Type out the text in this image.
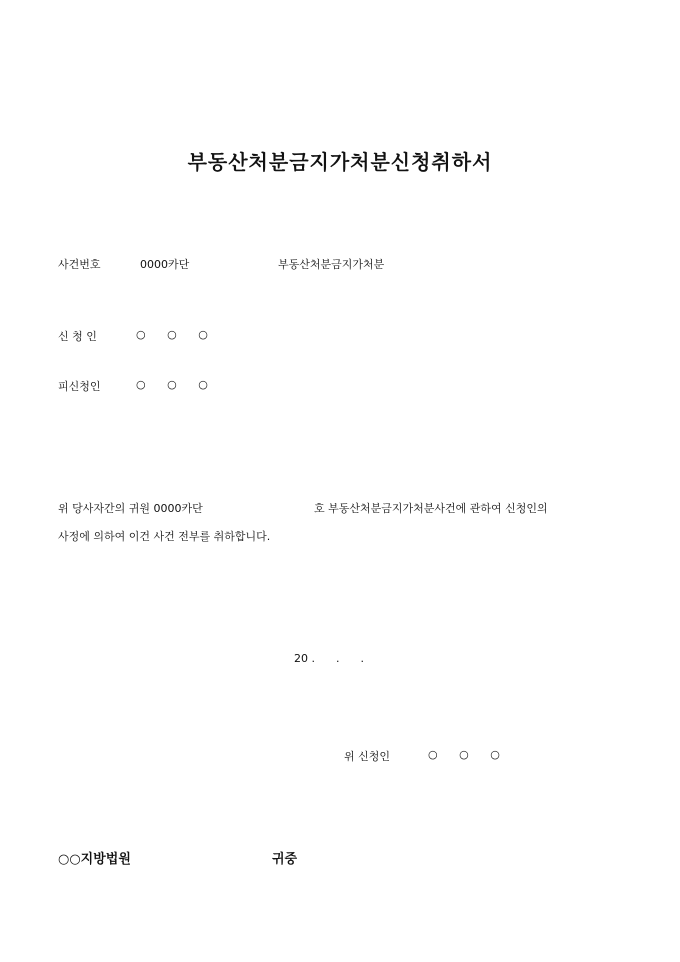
부동산처분금지가처분신청취하서
사건번호	0000카단	부동산처분금지가처분
신 청 인	○ ○ ○
피신청인	○ ○ ○
위 당사자간의 귀원 0000카단	호 부동산처분금지가처분사건에 관하여 신청인의
사정에 의하여 이건 사건 전부를 취하합니다.
20 .      .      .
위 신청인	○ ○ ○
○○지방법원	귀중
